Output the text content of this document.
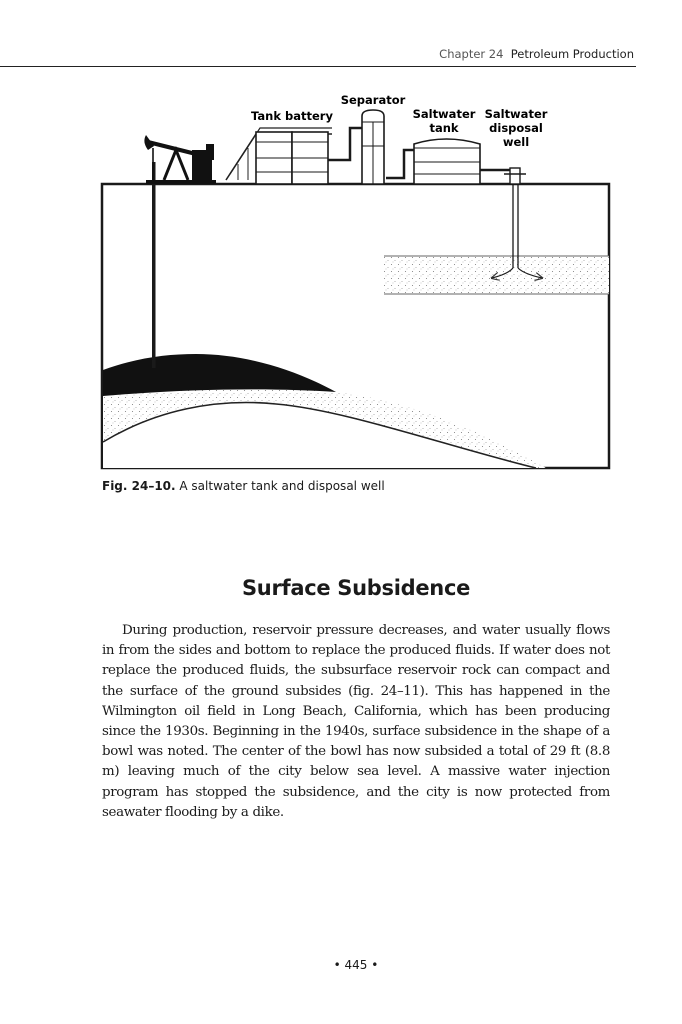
Chapter 24 Petroleum Production
Separator
Tank battery	Saltwater
tank
Saltwater
disposal
well
Fig. 24–10. A saltwater tank and disposal well
Surface Subsidence

During production, reservoir pressure decreases, and water usually flows in from the sides and bottom to replace the produced fluids. If water does not replace the produced fluids, the subsurface reservoir rock can compact and the surface of the ground subsides (fig. 24–11). This has happened in the Wilmington oil field in Long Beach, California, which has been producing since the 1930s. Beginning in the 1940s, surface subsidence in the shape of a bowl was noted. The center of the bowl has now subsided a total of 29 ft (8.8 m) leaving much of the city below sea level. A massive water injection program has stopped the subsidence, and the city is now protected from seawater flooding by a dike.

• 445 •
